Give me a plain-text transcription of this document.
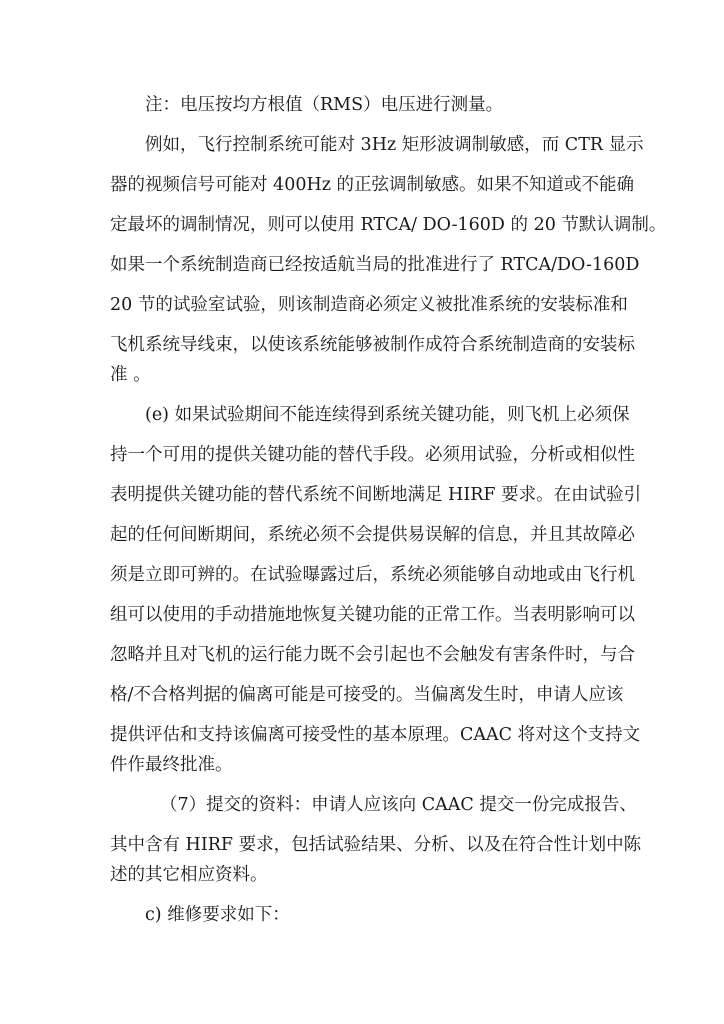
注：电压按均方根值（RMS）电压进行测量。
例如，飞行控制系统可能对 3Hz 矩形波调制敏感，而 CTR 显示
器的视频信号可能对 400Hz 的正弦调制敏感。如果不知道或不能确
定最坏的调制情况，则可以使用 RTCA/ DO-160D 的 20 节默认调制。
如果一个系统制造商已经按适航当局的批准进行了 RTCA/DO-160D
20 节的试验室试验，则该制造商必须定义被批准系统的安装标准和
飞机系统导线束，以使该系统能够被制作成符合系统制造商的安装标
准 。
(e) 如果试验期间不能连续得到系统关键功能，则飞机上必须保
持一个可用的提供关键功能的替代手段。必须用试验，分析或相似性
表明提供关键功能的替代系统不间断地满足 HIRF 要求。在由试验引
起的任何间断期间，系统必须不会提供易误解的信息，并且其故障必
须是立即可辨的。在试验曝露过后，系统必须能够自动地或由飞行机
组可以使用的手动措施地恢复关键功能的正常工作。当表明影响可以
忽略并且对飞机的运行能力既不会引起也不会触发有害条件时，与合
格/不合格判据的偏离可能是可接受的。当偏离发生时，申请人应该
提供评估和支持该偏离可接受性的基本原理。CAAC 将对这个支持文
件作最终批准。
（7）提交的资料：申请人应该向 CAAC 提交一份完成报告、
其中含有 HIRF 要求，包括试验结果、分析、以及在符合性计划中陈
述的其它相应资料。
c) 维修要求如下：
